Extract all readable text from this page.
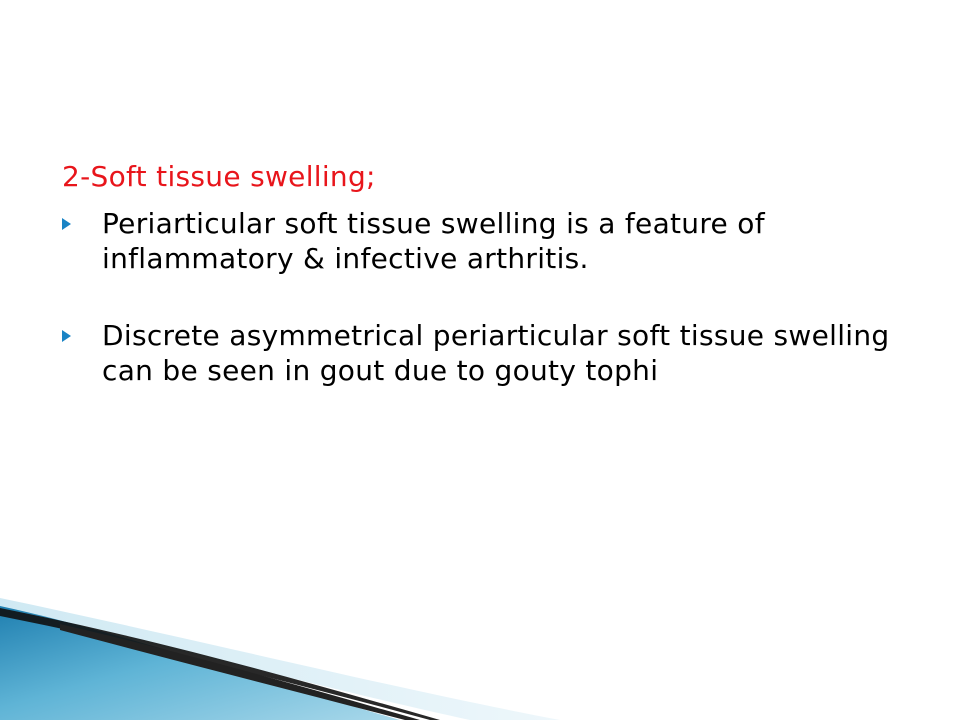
2-Soft tissue swelling;
Periarticular soft tissue swelling is a feature of inflammatory & infective arthritis.
Discrete asymmetrical periarticular soft tissue swelling can be seen in gout due to gouty tophi
